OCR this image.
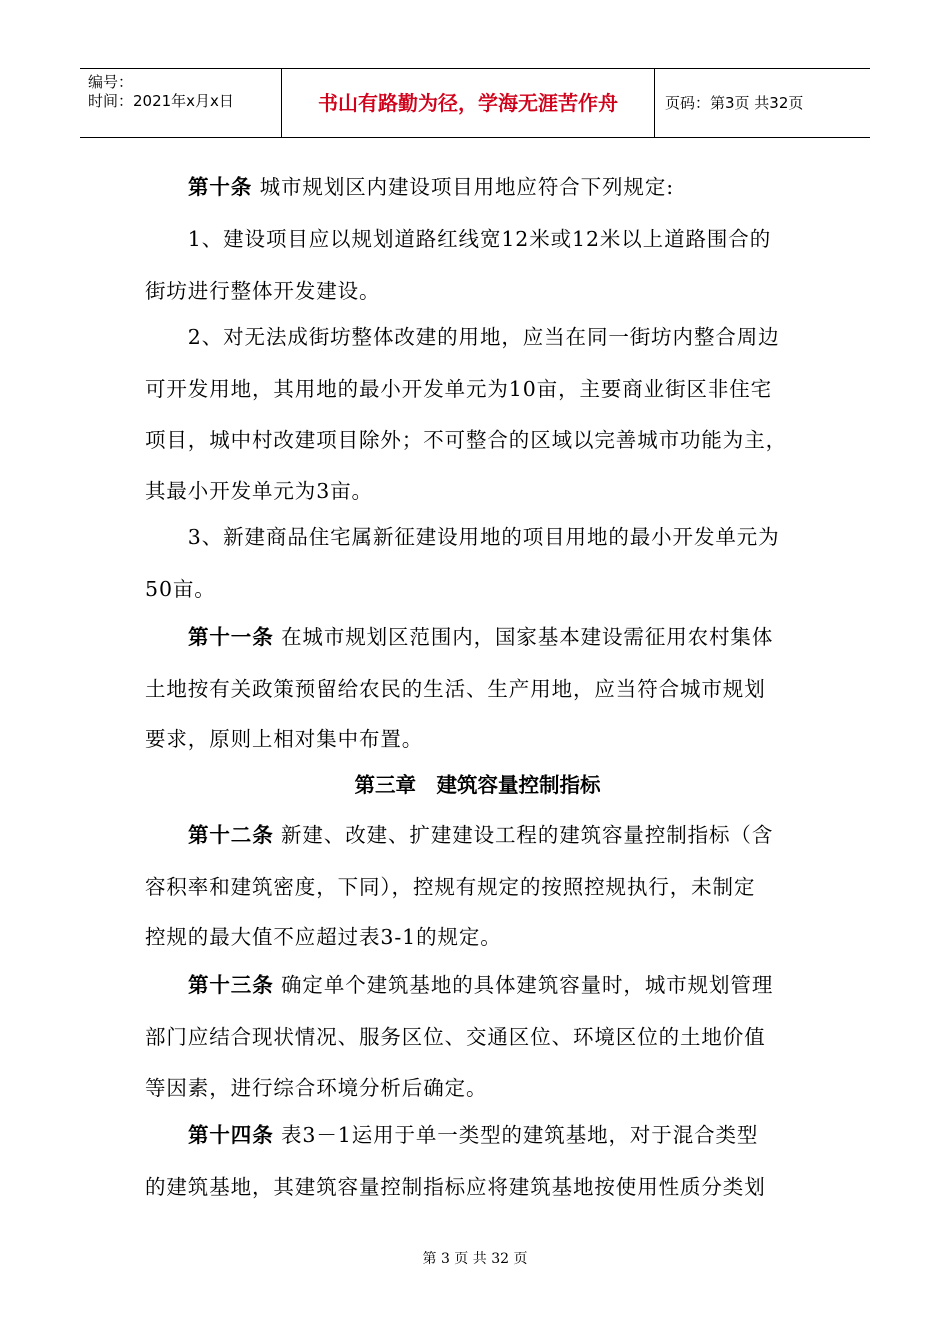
编号：
时间：2021年x月x日	书山有路勤为径，学海无涯苦作舟	页码：第3页 共32页
第十条 城市规划区内建设项目用地应符合下列规定:
　　1、建设项目应以规划道路红线宽12米或12米以上道路围合的
街坊进行整体开发建设。
　　2、对无法成街坊整体改建的用地，应当在同一街坊内整合周边
可开发用地，其用地的最小开发单元为10亩，主要商业街区非住宅
项目，城中村改建项目除外；不可整合的区域以完善城市功能为主，
其最小开发单元为3亩。
　　3、新建商品住宅属新征建设用地的项目用地的最小开发单元为
50亩。
第十一条 在城市规划区范围内，国家基本建设需征用农村集体
土地按有关政策预留给农民的生活、生产用地，应当符合城市规划
要求，原则上相对集中布置。
第三章　建筑容量控制指标
第十二条 新建、改建、扩建建设工程的建筑容量控制指标（含
容积率和建筑密度，下同），控规有规定的按照控规执行，未制定
控规的最大值不应超过表3-1的规定。
第十三条 确定单个建筑基地的具体建筑容量时，城市规划管理
部门应结合现状情况、服务区位、交通区位、环境区位的土地价值
等因素，进行综合环境分析后确定。
第十四条 表3－1运用于单一类型的建筑基地，对于混合类型
的建筑基地，其建筑容量控制指标应将建筑基地按使用性质分类划
第 3 页 共 32 页
